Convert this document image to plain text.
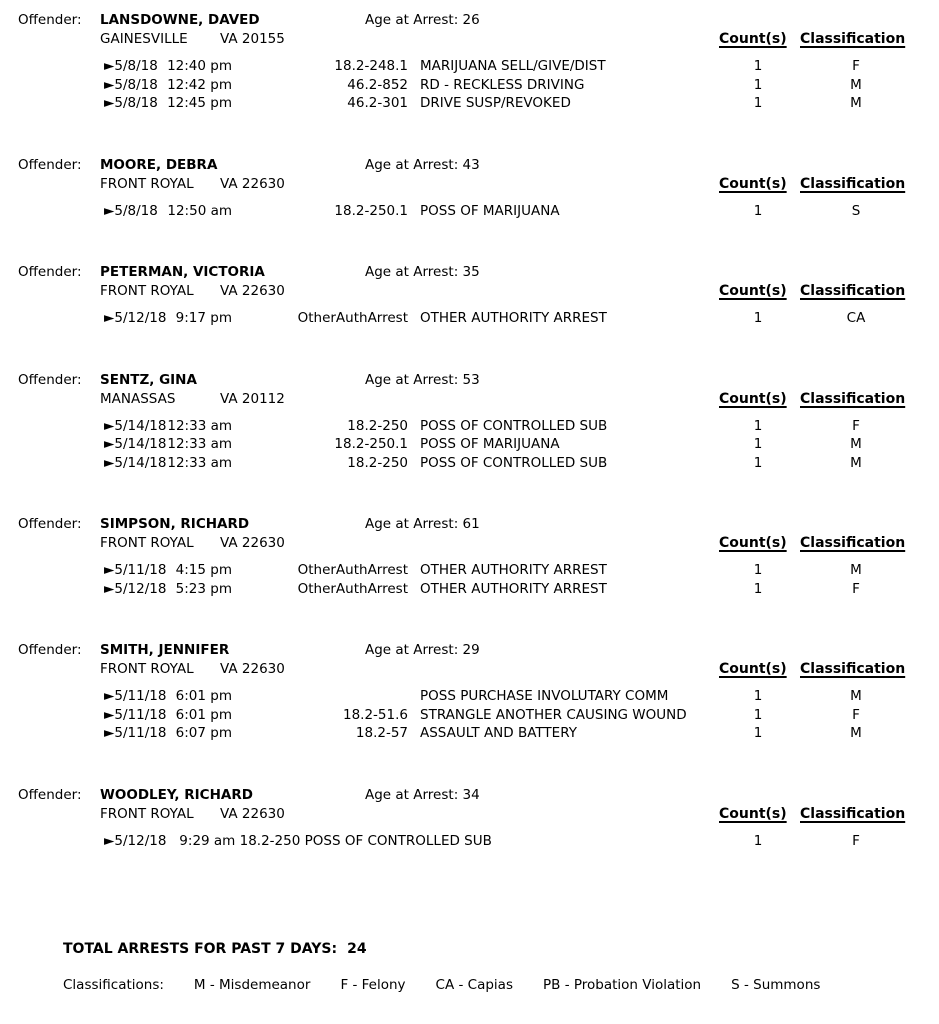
Offender: LANSDOWNE, DAVED	Age at Arrest: 26
GAINESVILLE VA 20155	Count(s) Classification
►5/8/18 12:40 pm	18.2-248.1 MARIJUANA SELL/GIVE/DIST	1	F
►5/8/18 12:42 pm	46.2-852 RD - RECKLESS DRIVING	1	M
►5/8/18 12:45 pm	46.2-301 DRIVE SUSP/REVOKED	1	M
Offender: MOORE, DEBRA	Age at Arrest: 43
FRONT ROYAL VA 22630	Count(s) Classification
►5/8/18 12:50 am	18.2-250.1 POSS OF MARIJUANA	1	S
Offender: PETERMAN, VICTORIA	Age at Arrest: 35
FRONT ROYAL VA 22630	Count(s) Classification
►5/12/18 9:17 pm	OtherAuthArrest OTHER AUTHORITY ARREST	1	CA
Offender: SENTZ, GINA	Age at Arrest: 53
MANASSAS	VA 20112	Count(s) Classification
►5/14/18 12:33 am	18.2-250 POSS OF CONTROLLED SUB	1	F
►5/14/18 12:33 am	18.2-250.1 POSS OF MARIJUANA	1	M
►5/14/18 12:33 am	18.2-250 POSS OF CONTROLLED SUB	1	M
Offender: SIMPSON, RICHARD	Age at Arrest: 61
FRONT ROYAL VA 22630	Count(s) Classification
►5/11/18 4:15 pm	OtherAuthArrest OTHER AUTHORITY ARREST	1	M
►5/12/18 5:23 pm	OtherAuthArrest OTHER AUTHORITY ARREST	1	F
Offender: SMITH, JENNIFER	Age at Arrest: 29
FRONT ROYAL VA 22630	Count(s) Classification
►5/11/18 6:01 pm	POSS PURCHASE INVOLUTARY COMM	1	M
►5/11/18 6:01 pm	18.2-51.6 STRANGLE ANOTHER CAUSING WOUND	1	F
►5/11/18 6:07 pm	18.2-57 ASSAULT AND BATTERY	1	M
Offender: WOODLEY, RICHARD	Age at Arrest: 34
FRONT ROYAL VA 22630	Count(s) Classification
►5/12/18   9:29 am 18.2-250 POSS OF CONTROLLED SUB	1	F
TOTAL ARRESTS FOR PAST 7 DAYS: 24
Classifications: M - Misdemeanor F - Felony CA - Capias PB - Probation Violation S - Summons
